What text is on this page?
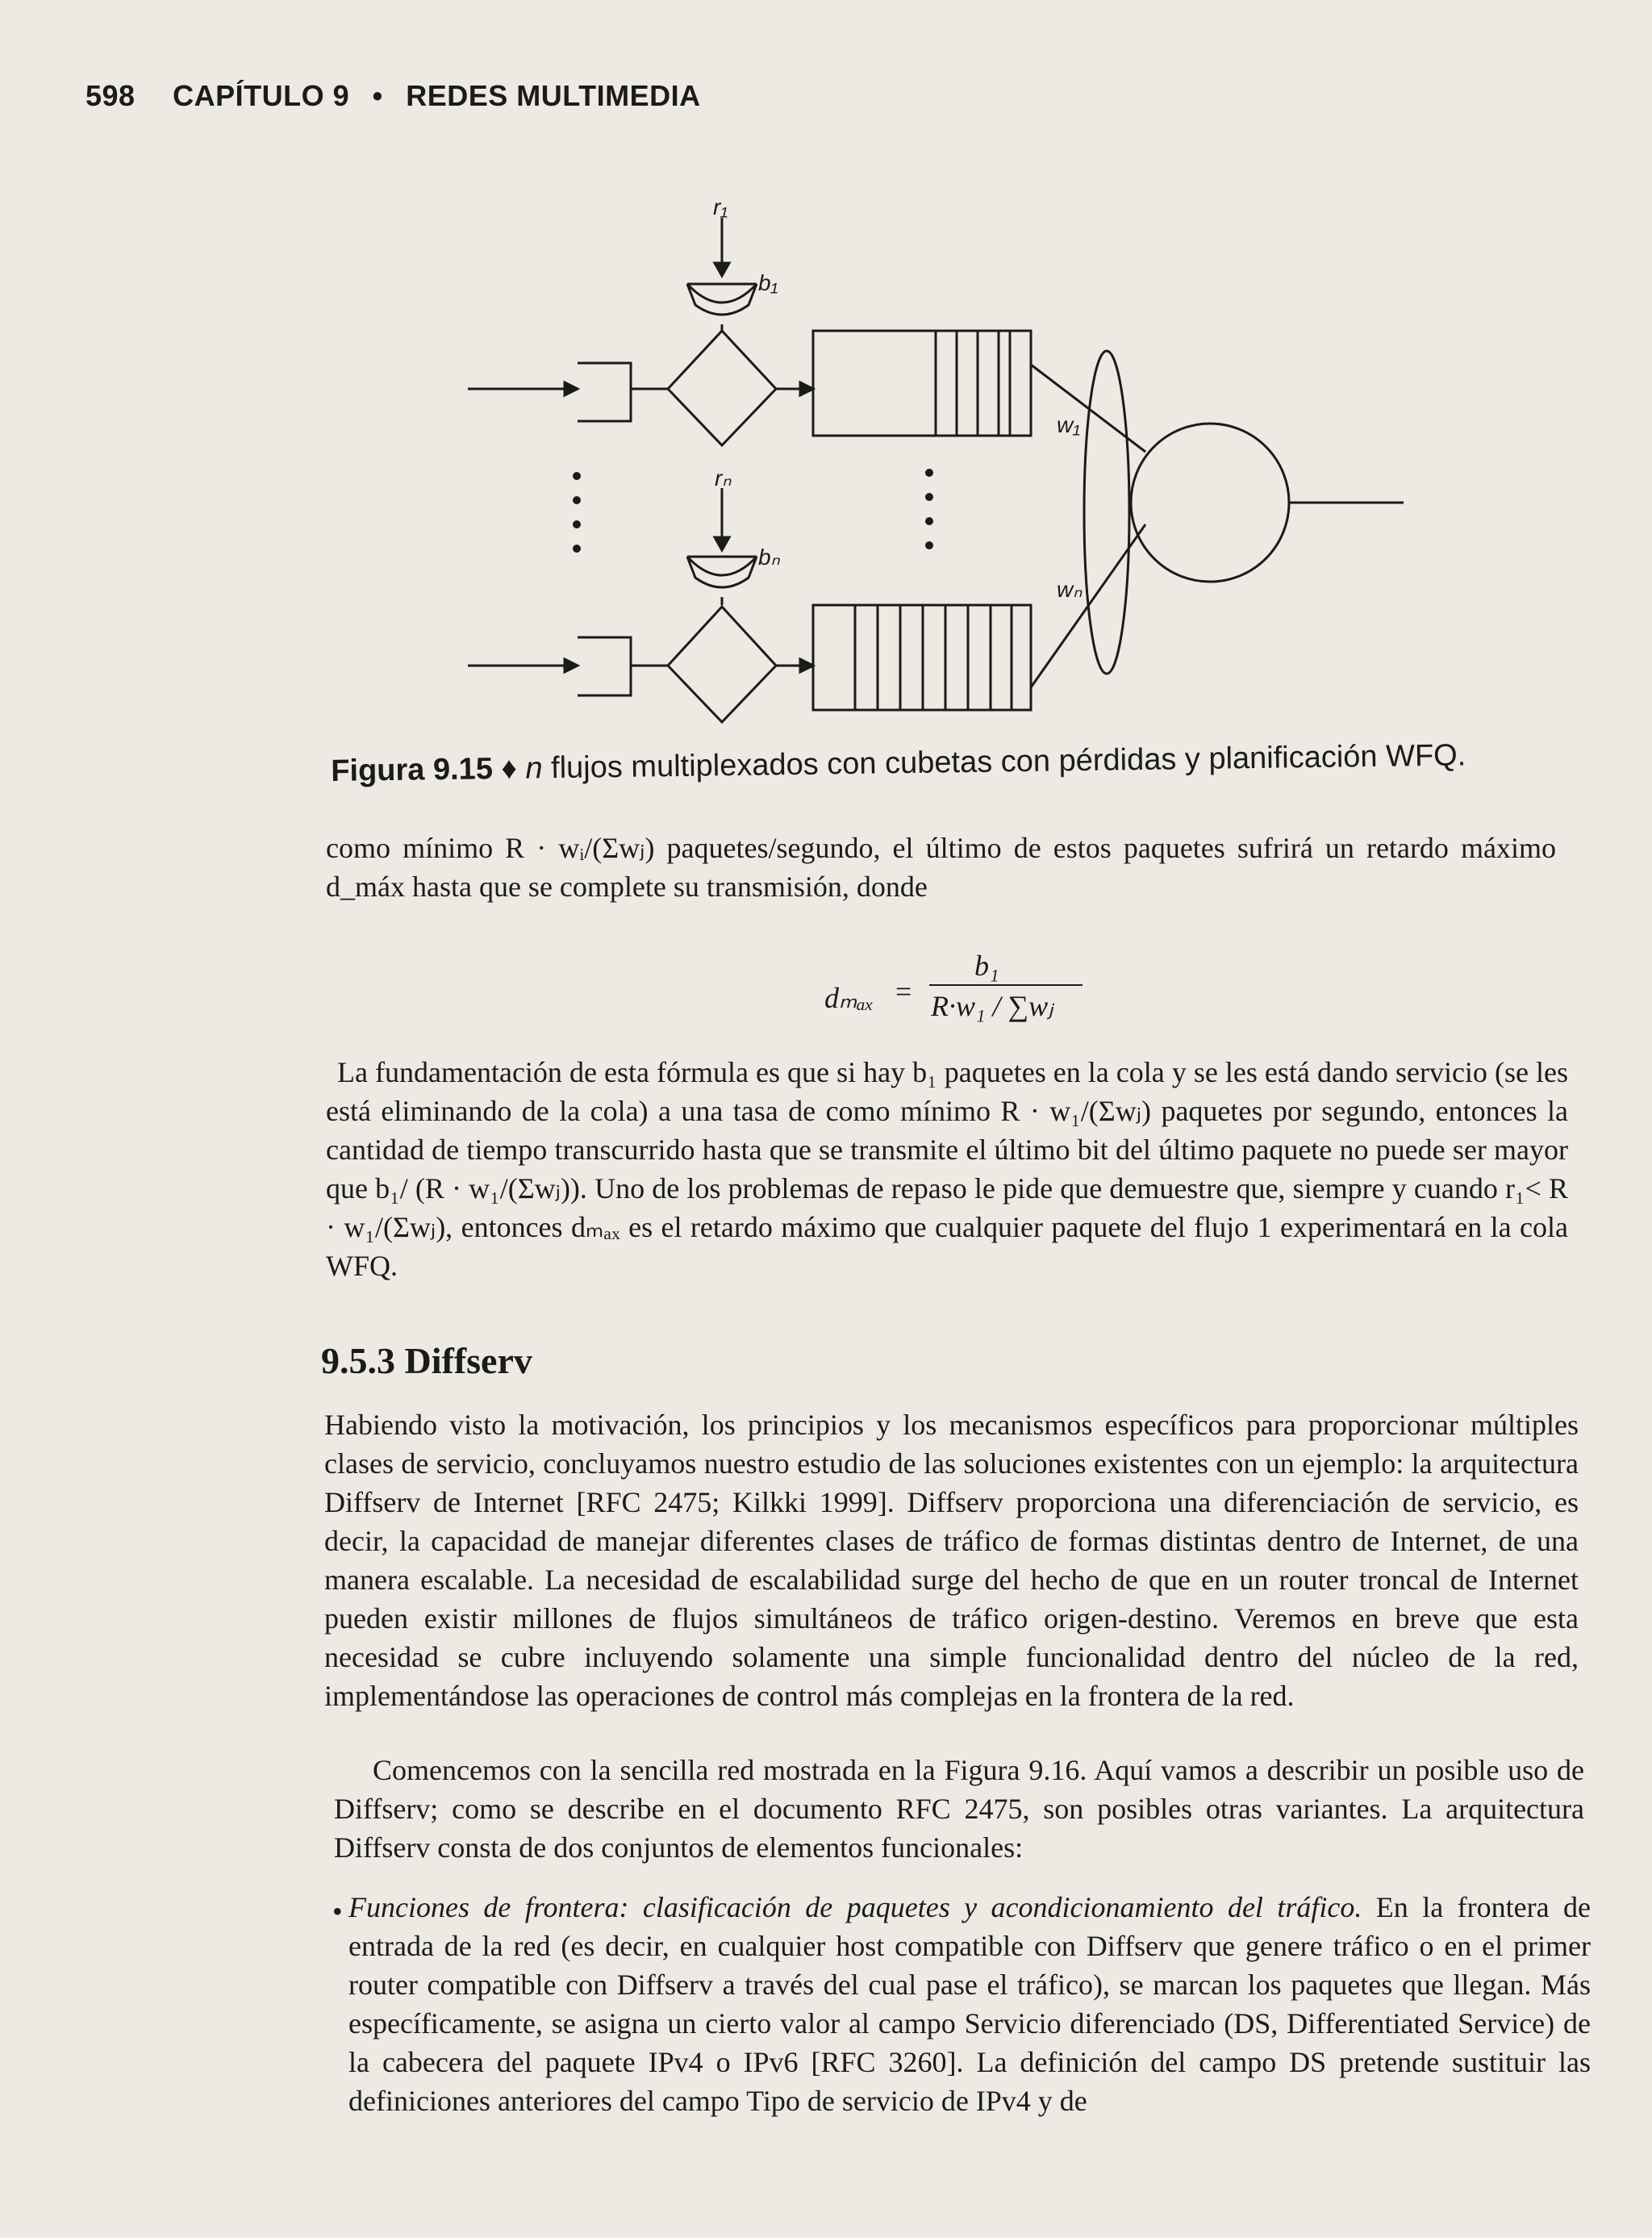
598 CAPÍTULO 9 • REDES MULTIMEDIA
r₁
b₁
rₙ
bₙ
w₁
wₙ
Figura 9.15 ♦ n flujos multiplexados con cubetas con pérdidas y planificación WFQ.
como mínimo R · wᵢ/(Σwⱼ) paquetes/segundo, el último de estos paquetes sufrirá un retardo máximo d_máx hasta que se complete su transmisión, donde
dₘₐₓ =
b₁
R·w₁ / ∑wⱼ
La fundamentación de esta fórmula es que si hay b₁ paquetes en la cola y se les está dando servicio (se les está eliminando de la cola) a una tasa de como mínimo R · w₁/(Σwⱼ) paquetes por segundo, entonces la cantidad de tiempo transcurrido hasta que se transmite el último bit del último paquete no puede ser mayor que b₁/ (R · w₁/(Σwⱼ)). Uno de los problemas de repaso le pide que demuestre que, siempre y cuando r₁< R · w₁/(Σwⱼ), entonces dₘₐₓ es el retardo máximo que cualquier paquete del flujo 1 experimentará en la cola WFQ.
9.5.3 Diffserv
Habiendo visto la motivación, los principios y los mecanismos específicos para proporcionar múltiples clases de servicio, concluyamos nuestro estudio de las soluciones existentes con un ejemplo: la arquitectura Diffserv de Internet [RFC 2475; Kilkki 1999]. Diffserv proporciona una diferenciación de servicio, es decir, la capacidad de manejar diferentes clases de tráfico de formas distintas dentro de Internet, de una manera escalable. La necesidad de escalabilidad surge del hecho de que en un router troncal de Internet pueden existir millones de flujos simultáneos de tráfico origen-destino. Veremos en breve que esta necesidad se cubre incluyendo solamente una simple funcionalidad dentro del núcleo de la red, implementándose las operaciones de control más complejas en la frontera de la red.
Comencemos con la sencilla red mostrada en la Figura 9.16. Aquí vamos a describir un posible uso de Diffserv; como se describe en el documento RFC 2475, son posibles otras variantes. La arquitectura Diffserv consta de dos conjuntos de elementos funcionales:
• Funciones de frontera: clasificación de paquetes y acondicionamiento del tráfico. En la frontera de entrada de la red (es decir, en cualquier host compatible con Diffserv que genere tráfico o en el primer router compatible con Diffserv a través del cual pase el tráfico), se marcan los paquetes que llegan. Más específicamente, se asigna un cierto valor al campo Servicio diferenciado (DS, Differentiated Service) de la cabecera del paquete IPv4 o IPv6 [RFC 3260]. La definición del campo DS pretende sustituir las definiciones anteriores del campo Tipo de servicio de IPv4 y de
